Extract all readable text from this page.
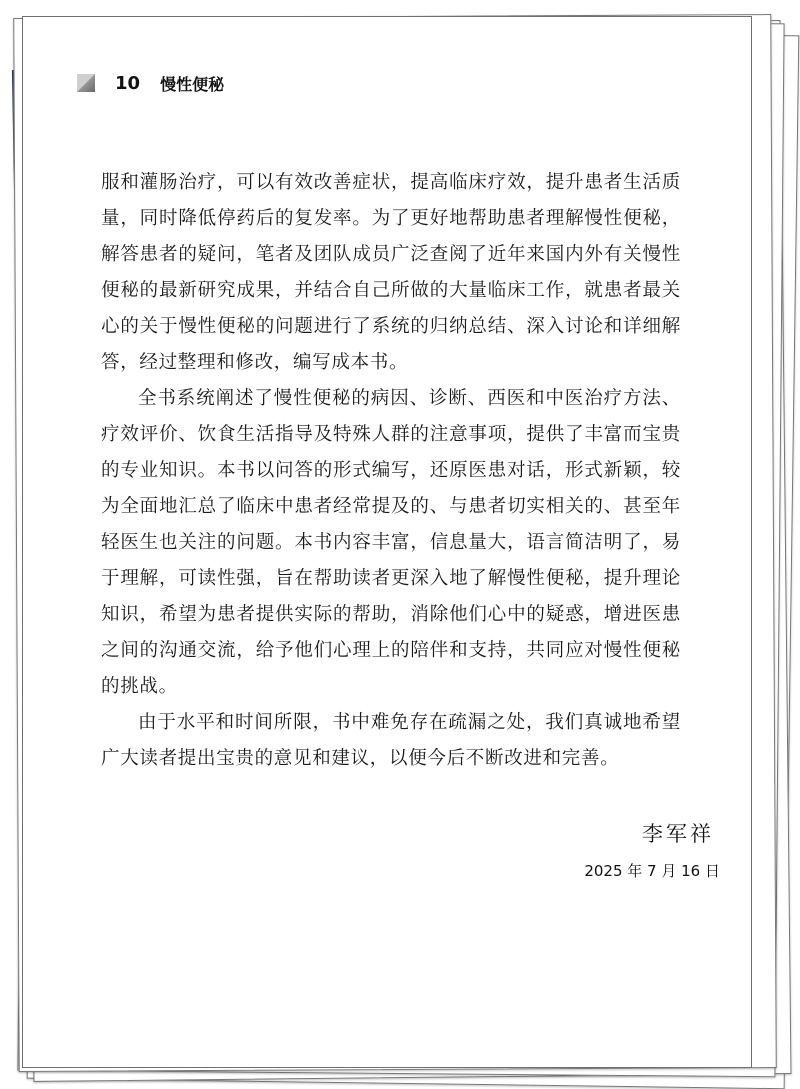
10 慢性便秘

服和灌肠治疗，可以有效改善症状，提高临床疗效，提升患者生活质量，同时降低停药后的复发率。为了更好地帮助患者理解慢性便秘，解答患者的疑问，笔者及团队成员广泛查阅了近年来国内外有关慢性便秘的最新研究成果，并结合自己所做的大量临床工作，就患者最关心的关于慢性便秘的问题进行了系统的归纳总结、深入讨论和详细解答，经过整理和修改，编写成本书。

全书系统阐述了慢性便秘的病因、诊断、西医和中医治疗方法、疗效评价、饮食生活指导及特殊人群的注意事项，提供了丰富而宝贵的专业知识。本书以问答的形式编写，还原医患对话，形式新颖，较为全面地汇总了临床中患者经常提及的、与患者切实相关的、甚至年轻医生也关注的问题。本书内容丰富，信息量大，语言简洁明了，易于理解，可读性强，旨在帮助读者更深入地了解慢性便秘，提升理论知识，希望为患者提供实际的帮助，消除他们心中的疑惑，增进医患之间的沟通交流，给予他们心理上的陪伴和支持，共同应对慢性便秘的挑战。

由于水平和时间所限，书中难免存在疏漏之处，我们真诚地希望广大读者提出宝贵的意见和建议，以便今后不断改进和完善。

李军祥
2025 年 7 月 16 日
